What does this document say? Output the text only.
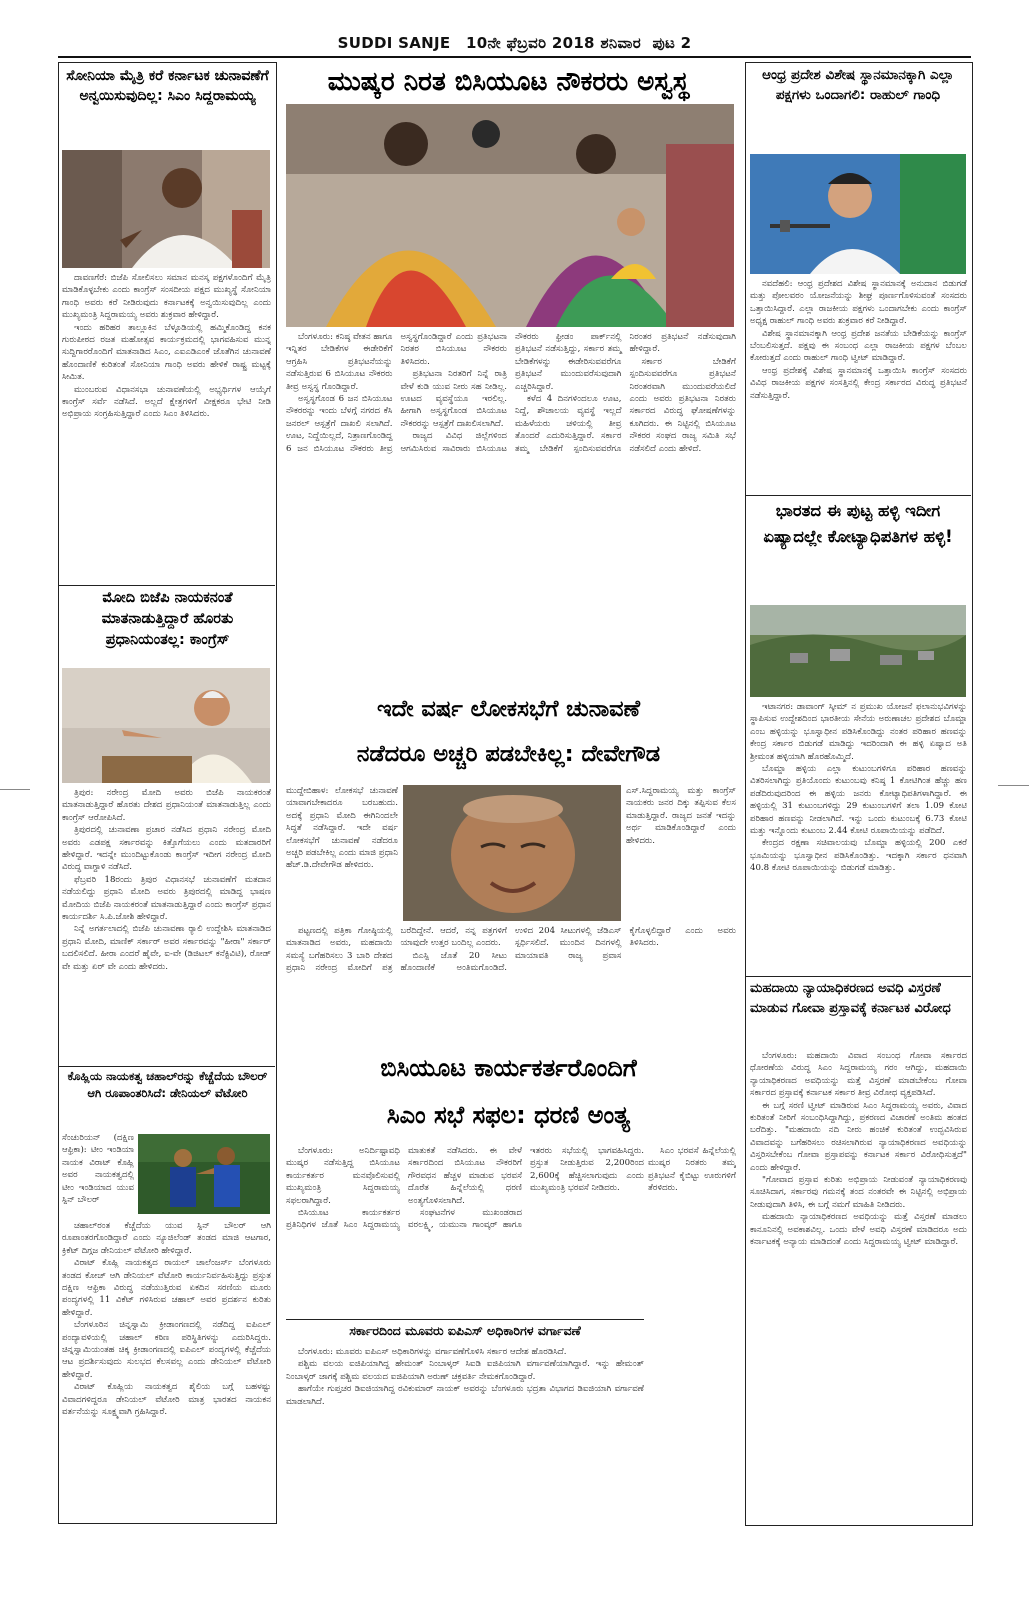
SUDDI SANJE 10ನೇ ಫೆಬ್ರವರಿ 2018 ಶನಿವಾರ ಪುಟ 2
ಸೋನಿಯಾ ಮೈತ್ರಿ ಕರೆ ಕರ್ನಾಟಕ ಚುನಾವಣೆಗೆ ಅನ್ವಯಿಸುವುದಿಲ್ಲ: ಸಿಎಂ ಸಿದ್ದರಾಮಯ್ಯ

ದಾವಣಗೆರೆ: ಬಿಜೆಪಿ ಸೋಲಿಸಲು ಸಮಾನ ಮನಸ್ಕ ಪಕ್ಷಗಳೊಂದಿಗೆ ಮೈತ್ರಿ ಮಾಡಿಕೊಳ್ಳಬೇಕು ಎಂದು ಕಾಂಗ್ರೆಸ್ ಸಂಸದೀಯ ಪಕ್ಷದ ಮುಖ್ಯಸ್ಥೆ ಸೋನಿಯಾ ಗಾಂಧಿ ಅವರು ಕರೆ ನೀಡಿರುವುದು ಕರ್ನಾಟಕಕ್ಕೆ ಅನ್ವಯಿಸುವುದಿಲ್ಲ ಎಂದು ಮುಖ್ಯಮಂತ್ರಿ ಸಿದ್ದರಾಮಯ್ಯ ಅವರು ಶುಕ್ರವಾರ ಹೇಳಿದ್ದಾರೆ.

ಇಂದು ಹರಿಹರ ತಾಲ್ಲೂಕಿನ ಬೆಳ್ಳೂಡಿಯಲ್ಲಿ ಹಮ್ಮಿಕೊಂಡಿದ್ದ ಕನಕ ಗುರುಪೀಠದ ರಜತ ಮಹೋತ್ಸವ ಕಾರ್ಯಕ್ರಮದಲ್ಲಿ ಭಾಗವಹಿಸುವ ಮುನ್ನ ಸುದ್ದಿಗಾರರೊಂದಿಗೆ ಮಾತನಾಡಿದ ಸಿಎಂ, ಎಐಎಡಿಎಂಕೆ ಜೊತೆಗಿನ ಚುನಾವಣೆ ಹೊಂದಾಣಿಕೆ ಕುರಿತಂತೆ ಸೋನಿಯಾ ಗಾಂಧಿ ಅವರು ಹೇಳಿಕೆ ರಾಷ್ಟ್ರ ಮಟ್ಟಕ್ಕೆ ಸೀಮಿತ.

ಮುಂಬರುವ ವಿಧಾನಸಭಾ ಚುನಾವಣೆಯಲ್ಲಿ ಅಭ್ಯರ್ಥಿಗಳ ಆಯ್ಕೆಗೆ ಕಾಂಗ್ರೆಸ್ ಸರ್ವೆ ನಡೆಸಿದೆ. ಅಲ್ಲದೆ ಕ್ಷೇತ್ರಗಳಿಗೆ ವೀಕ್ಷಕರೂ ಭೇಟಿ ನೀಡಿ ಅಭಿಪ್ರಾಯ ಸಂಗ್ರಹಿಸುತ್ತಿದ್ದಾರೆ ಎಂದು ಸಿಎಂ ತಿಳಿಸಿದರು.

ಮೋದಿ ಬಿಜೆಪಿ ನಾಯಕನಂತೆ ಮಾತನಾಡುತ್ತಿದ್ದಾರೆ ಹೊರತು ಪ್ರಧಾನಿಯಂತಲ್ಲ: ಕಾಂಗ್ರೆಸ್

ತ್ರಿಪುರ: ನರೇಂದ್ರ ಮೋದಿ ಅವರು ಬಿಜೆಪಿ ನಾಯಕರಂತೆ ಮಾತನಾಡುತ್ತಿದ್ದಾರೆ ಹೊರತು ದೇಶದ ಪ್ರಧಾನಿಯಂತೆ ಮಾತನಾಡುತ್ತಿಲ್ಲ ಎಂದು ಕಾಂಗ್ರೆಸ್ ಆರೋಪಿಸಿದೆ.

ತ್ರಿಪುರದಲ್ಲಿ ಚುನಾವಣಾ ಪ್ರಚಾರ ನಡೆಸಿದ ಪ್ರಧಾನಿ ನರೇಂದ್ರ ಮೋದಿ ಅವರು ಎಡಪಕ್ಷ ಸರ್ಕಾರವನ್ನು ಕಿತ್ತೊಗೆಯಲು ಎಂದು ಮತದಾರರಿಗೆ ಹೇಳಿದ್ದಾರೆ. ಇದನ್ನೇ ಮುಂದಿಟ್ಟುಕೊಂಡು ಕಾಂಗ್ರೆಸ್ ಇದೀಗ ನರೇಂದ್ರ ಮೋದಿ ವಿರುದ್ಧ ವಾಗ್ದಾಳಿ ನಡೆಸಿದೆ.

ಫೆಬ್ರವರಿ 18ರಂದು ತ್ರಿಪುರ ವಿಧಾನಸಭೆ ಚುನಾವಣೆಗೆ ಮತದಾನ ನಡೆಯಲಿದ್ದು ಪ್ರಧಾನಿ ಮೋದಿ ಅವರು ತ್ರಿಪುರದಲ್ಲಿ ಮಾಡಿದ್ದ ಭಾಷಣ ಮೋದಿಯ ಬಿಜೆಪಿ ನಾಯಕರಂತೆ ಮಾತನಾಡುತ್ತಿದ್ದಾರೆ ಎಂದು ಕಾಂಗ್ರೆಸ್ ಪ್ರಧಾನ ಕಾರ್ಯದರ್ಶಿ ಸಿ.ಪಿ.ಜೋಶಿ ಹೇಳಿದ್ದಾರೆ.

ನಿನ್ನೆ ಅಗರ್ತಲಾದಲ್ಲಿ ಬಿಜೆಪಿ ಚುನಾವಣಾ ರ್‍ಯಾಲಿ ಉದ್ದೇಶಿಸಿ ಮಾತನಾಡಿದ ಪ್ರಧಾನಿ ಮೋದಿ, ಮಾಣಿಕ್ ಸರ್ಕಾರ್ ಅವರ ಸರ್ಕಾರವನ್ನು "ಹೀರಾ" ಸರ್ಕಾರ್ ಬದಲಿಸಲಿದೆ. ಹೀರಾ ಎಂದರೆ ಹೈವೇ, ಐ-ವೇ (ಡಿಜಿಟಲ್ ಕನೆಕ್ಟಿವಿಟಿ), ರೋಡ್ ವೇ ಮತ್ತು ಏರ್ ವೇ ಎಂದು ಹೇಳಿದರು.

ಕೊಹ್ಲಿಯ ನಾಯಕತ್ವ ಚಹಾಲ್‌ರನ್ನು ಕೆಚ್ಚೆದೆಯ ಬೌಲರ್ ಆಗಿ ರೂಪಾಂತರಿಸಿದೆ: ಡೇನಿಯಲ್ ವೆಟೋರಿ

ಸೆಂಚುರಿಯನ್ (ದಕ್ಷಿಣ ಆಫ್ರಿಕಾ): ಟೀಂ ಇಂಡಿಯಾ ನಾಯಕ ವಿರಾಟ್ ಕೊಹ್ಲಿ ಅವರ ನಾಯಕತ್ವದಲ್ಲಿ ಟೀಂ ಇಂಡಿಯಾದ ಯುವ ಸ್ಪಿನ್ ಬೌಲರ್

ಚಹಾಲ್‌ರಂತ ಕೆಚ್ಚೆದೆಯ ಯುವ ಸ್ಪಿನ್ ಬೌಲರ್ ಆಗಿ ರೂಪಾಂತರಗೊಂಡಿದ್ದಾರೆ ಎಂದು ನ್ಯೂಜಿಲೆಂಡ್ ತಂಡದ ಮಾಜಿ ಆಟಗಾರ, ಕ್ರಿಕೆಟ್ ದಿಗ್ಗಜ ಡೇನಿಯಲ್ ವೆಟೋರಿ ಹೇಳಿದ್ದಾರೆ.

ವಿರಾಟ್ ಕೊಹ್ಲಿ ನಾಯಕತ್ವದ ರಾಯಲ್ ಚಾಲೆಂಜರ್ಸ್ ಬೆಂಗಳೂರು ತಂಡದ ಕೋಚ್ ಆಗಿ ಡೇನಿಯಲ್ ವೆಟೋರಿ ಕಾರ್ಯನಿರ್ವಹಿಸುತ್ತಿದ್ದು ಪ್ರಸ್ತುತ ದಕ್ಷಿಣ ಆಫ್ರಿಕಾ ವಿರುದ್ಧ ನಡೆಯುತ್ತಿರುವ ಏಕದಿನ ಸರಣಿಯ ಮೂರು ಪಂದ್ಯಗಳಲ್ಲಿ 11 ವಿಕೆಟ್ ಗಳಿಸಿರುವ ಚಹಾಲ್ ಅವರ ಪ್ರದರ್ಶನ ಕುರಿತು ಹೇಳಿದ್ದಾರೆ.

ಬೆಂಗಳೂರಿನ ಚಿನ್ನಸ್ವಾಮಿ ಕ್ರೀಡಾಂಗಣದಲ್ಲಿ ನಡೆದಿದ್ದ ಐಪಿಎಲ್ ಪಂದ್ಯಾವಳಿಯಲ್ಲಿ ಚಹಾಲ್ ಕಠಿಣ ಪರಿಸ್ಥಿತಿಗಳನ್ನು ಎದುರಿಸಿದ್ದರು. ಚಿನ್ನಸ್ವಾಮಿಯಂತಹ ಚಿಕ್ಕ ಕ್ರೀಡಾಂಗಣದಲ್ಲಿ ಐಪಿಎಲ್ ಪಂದ್ಯಗಳಲ್ಲಿ ಕೆಚ್ಚೆದೆಯ ಆಟ ಪ್ರದರ್ಶಿಸುವುದು ಸುಲಭದ ಕೆಲಸವಲ್ಲ ಎಂದು ಡೇನಿಯಲ್ ವೆಟೋರಿ ಹೇಳಿದ್ದಾರೆ.

ವಿರಾಟ್ ಕೊಹ್ಲಿಯ ನಾಯಕತ್ವದ ಶೈಲಿಯ ಬಗ್ಗೆ ಬಹಳಷ್ಟು ವಿವಾದಗಳಿದ್ದರೂ ಡೇನಿಯಲ್ ವೆಟೋರಿ ಮಾತ್ರ ಭಾರತದ ನಾಯಕನ ವರ್ತನೆಯನ್ನು ಸೂಕ್ಷ್ಮವಾಗಿ ಗ್ರಹಿಸಿದ್ದಾರೆ.

ಮುಷ್ಕರ ನಿರತ ಬಿಸಿಯೂಟ ನೌಕರರು ಅಸ್ವಸ್ಥ

ಬೆಂಗಳೂರು: ಕನಿಷ್ಠ ವೇತನ ಹಾಗೂ ಇನ್ನಿತರ ಬೇಡಿಕೆಗಳ ಈಡೇರಿಕೆಗೆ ಆಗ್ರಹಿಸಿ ಪ್ರತಿಭಟನೆಯನ್ನು ನಡೆಸುತ್ತಿರುವ 6 ಬಿಸಿಯೂಟ ನೌಕರರು ತೀವ್ರ ಅಸ್ವಸ್ಥ ಗೊಂಡಿದ್ದಾರೆ.

ಅಸ್ವಸ್ಥಗೊಂಡ 6 ಜನ ಬಿಸಿಯೂಟ ನೌಕರರನ್ನು ಇಂದು ಬೆಳಗ್ಗೆ ನಗರದ ಕೆಸಿ ಜನರಲ್ ಆಸ್ಪತ್ರೆಗೆ ದಾಖಲಿ ಸಲಾಗಿದೆ. ಊಟ, ನಿದ್ದೆಯಿಲ್ಲದೆ, ನಿತ್ರಾಣಗೊಂಡಿದ್ದ 6 ಜನ ಬಿಸಿಯೂಟ ನೌಕರರು ತೀವ್ರ ಅಸ್ವಸ್ಥಗೊಂಡಿದ್ದಾರೆ ಎಂದು ಪ್ರತಿಭಟನಾ ನಿರತರ ಬಿಸಿಯೂಟ ನೌಕರರು ತಿಳಿಸಿದರು.

ಪ್ರತಿಭಟನಾ ನಿರತರಿಗೆ ನಿನ್ನೆ ರಾತ್ರಿ ವೇಳೆ ಕುಡಿ ಯುವ ನೀರು ಸಹ ನೀಡಿಲ್ಲ. ಊಟದ ವ್ಯವಸ್ಥೆಯೂ ಇರಲಿಲ್ಲ. ಹೀಗಾಗಿ ಅಸ್ವಸ್ಥಗೊಂಡ ಬಿಸಿಯೂಟ ನೌಕರರನ್ನು ಆಸ್ಪತ್ರೆಗೆ ದಾಖಲಿಸಲಾಗಿದೆ.

ರಾಜ್ಯದ ವಿವಿಧ ಜಿಲ್ಲೆಗಳಿಂದ ಆಗಮಿಸಿರುವ ಸಾವಿರಾರು ಬಿಸಿಯೂಟ ನೌಕರರು ಫ್ರೀಡಂ ಪಾರ್ಕ್‌ನಲ್ಲಿ ಪ್ರತಿಭಟನೆ ನಡೆಸುತ್ತಿದ್ದು, ಸರ್ಕಾರ ತಮ್ಮ ಬೇಡಿಕೆಗಳನ್ನು ಈಡೇರಿಸುವವರೆಗೂ ಪ್ರತಿಭಟನೆ ಮುಂದುವರೆಸುವುದಾಗಿ ಎಚ್ಚರಿಸಿದ್ದಾರೆ.

ಕಳೆದ 4 ದಿನಗಳಿಂದಲೂ ಊಟ, ನಿದ್ದೆ, ಶೌಚಾಲಯ ವ್ಯವಸ್ಥೆ ಇಲ್ಲದೆ ಮಹಿಳೆಯರು ಚಳಿಯಲ್ಲಿ ತೀವ್ರ ತೊಂದರೆ ಎದುರಿಸುತ್ತಿದ್ದಾರೆ. ಸರ್ಕಾರ ತಮ್ಮ ಬೇಡಿಕೆಗೆ ಸ್ಪಂದಿಸುವವರೆಗೂ ನಿರಂತರ ಪ್ರತಿಭಟನೆ ನಡೆಸುವುದಾಗಿ ಹೇಳಿದ್ದಾರೆ.

ಸರ್ಕಾರ ಬೇಡಿಕೆಗೆ ಸ್ಪಂದಿಸುವವರೆಗೂ ಪ್ರತಿಭಟನೆ ನಿರಂತರವಾಗಿ ಮುಂದುವರೆಯಲಿದೆ ಎಂದು ಅವರು ಪ್ರತಿಭಟನಾ ನಿರತರು ಸರ್ಕಾರದ ವಿರುದ್ಧ ಘೋಷಣೆಗಳನ್ನು ಕೂಗಿದರು. ಈ ನಿಟ್ಟಿನಲ್ಲಿ ಬಿಸಿಯೂಟ ನೌಕರರ ಸಂಘದ ರಾಜ್ಯ ಸಮಿತಿ ಸಭೆ ನಡೆಸಲಿದೆ ಎಂದು ಹೇಳಿದೆ.

ಇದೇ ವರ್ಷ ಲೋಕಸಭೆಗೆ ಚುನಾವಣೆ
ನಡೆದರೂ ಅಚ್ಚರಿ ಪಡಬೇಕಿಲ್ಲ: ದೇವೇಗೌಡ

ಮುದ್ದೇಬಿಹಾಳ: ಲೋಕಸಭೆ ಚುನಾವಣೆ ಯಾವಾಗಬೇಕಾದರೂ ಬರಬಹುದು. ಅದಕ್ಕೆ ಪ್ರಧಾನಿ ಮೋದಿ ಈಗಿನಿಂದಲೇ ಸಿದ್ಧತೆ ನಡೆಸಿದ್ದಾರೆ. ಇದೇ ವರ್ಷ ಲೋಕಸಭೆಗೆ ಚುನಾವಣೆ ನಡೆದರೂ ಅಚ್ಚರಿ ಪಡಬೇಕಿಲ್ಲ ಎಂದು ಮಾಜಿ ಪ್ರಧಾನಿ ಹೆಚ್.ಡಿ.ದೇವೇಗೌಡ ಹೇಳಿದರು.

ಎಸ್.ಸಿದ್ದರಾಮಯ್ಯ ಮತ್ತು ಕಾಂಗ್ರೆಸ್ ನಾಯಕರು ಜನರ ದಿಕ್ಕು ತಪ್ಪಿಸುವ ಕೆಲಸ ಮಾಡುತ್ತಿದ್ದಾರೆ. ರಾಜ್ಯದ ಜನತೆ ಇದನ್ನು ಅರ್ಥ ಮಾಡಿಕೊಂಡಿದ್ದಾರೆ ಎಂದು ಹೇಳಿದರು.

ಪಟ್ಟಣದಲ್ಲಿ ಪತ್ರಿಕಾ ಗೋಷ್ಠಿಯಲ್ಲಿ ಮಾತನಾಡಿದ ಅವರು, ಮಹದಾಯಿ ಸಮಸ್ಯೆ ಬಗೆಹರಿಸಲು 3 ಬಾರಿ ದೇಶದ ಪ್ರಧಾನಿ ನರೇಂದ್ರ ಮೋದಿಗೆ ಪತ್ರ ಬರೆದಿದ್ದೇನೆ. ಆದರೆ, ನನ್ನ ಪತ್ರಗಳಿಗೆ ಯಾವುದೇ ಉತ್ತರ ಬಂದಿಲ್ಲ ಎಂದರು.

ಬಿಎಸ್ಪಿ ಜೊತೆ 20 ಸೀಟು ಹೊಂದಾಣಿಕೆ ಅಂತಿಮಗೊಂಡಿದೆ. ಉಳಿದ 204 ಸೀಟುಗಳಲ್ಲಿ ಜೆಡಿಎಸ್ ಸ್ಪರ್ಧಿಸಲಿದೆ. ಮುಂದಿನ ದಿನಗಳಲ್ಲಿ ಮಾಯಾವತಿ ರಾಜ್ಯ ಪ್ರವಾಸ ಕೈಗೊಳ್ಳಲಿದ್ದಾರೆ ಎಂದು ಅವರು ತಿಳಿಸಿದರು.

ಬಿಸಿಯೂಟ ಕಾರ್ಯಕರ್ತರೊಂದಿಗೆ
ಸಿಎಂ ಸಭೆ ಸಫಲ: ಧರಣಿ ಅಂತ್ಯ

ಬೆಂಗಳೂರು: ಅನಿರ್ದಿಷ್ಟಾವಧಿ ಮುಷ್ಕರ ನಡೆಸುತ್ತಿದ್ದ ಬಿಸಿಯೂಟ ಕಾರ್ಯಕರ್ತರ ಮನವೊಲಿಸುವಲ್ಲಿ ಮುಖ್ಯಮಂತ್ರಿ ಸಿದ್ದರಾಮಯ್ಯ ಸಫಲರಾಗಿದ್ದಾರೆ.

ಬಿಸಿಯೂಟ ಕಾರ್ಯಕರ್ತರ ಪ್ರತಿನಿಧಿಗಳ ಜೊತೆ ಸಿಎಂ ಸಿದ್ದರಾಮಯ್ಯ ಮಾತುಕತೆ ನಡೆಸಿದರು. ಈ ವೇಳೆ ಸರ್ಕಾರದಿಂದ ಬಿಸಿಯೂಟ ನೌಕರರಿಗೆ ಗೌರವಧನ ಹೆಚ್ಚಳ ಮಾಡುವ ಭರವಸೆ ದೊರೆತ ಹಿನ್ನೆಲೆಯಲ್ಲಿ ಧರಣಿ ಅಂತ್ಯಗೊಳಿಸಲಾಗಿದೆ.

ಸಂಘಟನೆಗಳ ಮುಖಂಡರಾದ ವರಲಕ್ಷ್ಮಿ, ಯಮುನಾ ಗಾಂವ್ಕರ್ ಹಾಗೂ ಇತರರು ಸಭೆಯಲ್ಲಿ ಭಾಗವಹಿಸಿದ್ದರು. ಪ್ರಸ್ತುತ ನೀಡುತ್ತಿರುವ 2,200ರಿಂದ 2,600ಕ್ಕೆ ಹೆಚ್ಚಿಸಲಾಗುವುದು ಎಂದು ಮುಖ್ಯಮಂತ್ರಿ ಭರವಸೆ ನೀಡಿದರು.

ಸಿಎಂ ಭರವಸೆ ಹಿನ್ನೆಲೆಯಲ್ಲಿ ಮುಷ್ಕರ ನಿರತರು ತಮ್ಮ ಪ್ರತಿಭಟನೆ ಕೈಬಿಟ್ಟು ಊರುಗಳಿಗೆ ತೆರಳಿದರು.

ಸರ್ಕಾರದಿಂದ ಮೂವರು ಐಪಿಎಸ್ ಅಧಿಕಾರಿಗಳ ವರ್ಗಾವಣೆ

ಬೆಂಗಳೂರು: ಮೂವರು ಐಪಿಎಸ್ ಅಧಿಕಾರಿಗಳನ್ನು ವರ್ಗಾವಣೆಗೊಳಿಸಿ ಸರ್ಕಾರ ಆದೇಶ ಹೊರಡಿಸಿದೆ.

ಪಶ್ಚಿಮ ವಲಯ ಐಜಿಪಿಯಾಗಿದ್ದ ಹೇಮಂತ್ ನಿಂಬಾಳ್ಕರ್ ಸಿಐಡಿ ಐಜಿಪಿಯಾಗಿ ವರ್ಗಾವಣೆಯಾಗಿದ್ದಾರೆ. ಇನ್ನು ಹೇಮಂತ್ ನಿಂಬಾಳ್ಕರ್ ಜಾಗಕ್ಕೆ ಪಶ್ಚಿಮ ವಲಯದ ಐಜಿಪಿಯಾಗಿ ಅರುಣ್ ಚಕ್ರವರ್ತಿ ನೇಮಕಗೊಂಡಿದ್ದಾರೆ.

ಹಾಗೆಯೇ ಗುಪ್ತಚರ ಡಿಐಜಿಯಾಗಿದ್ದ ರವಿಕುಮಾರ್ ನಾಯಕ್ ಅವರನ್ನು ಬೆಂಗಳೂರು ಭದ್ರತಾ ವಿಭಾಗದ ಡಿಐಜಿಯಾಗಿ ವರ್ಗಾವಣೆ ಮಾಡಲಾಗಿದೆ.

ಆಂಧ್ರ ಪ್ರದೇಶ ವಿಶೇಷ ಸ್ಥಾನಮಾನಕ್ಕಾಗಿ ಎಲ್ಲಾ ಪಕ್ಷಗಳು ಒಂದಾಗಲಿ: ರಾಹುಲ್ ಗಾಂಧಿ

ನವದೆಹಲಿ: ಆಂಧ್ರ ಪ್ರದೇಶದ ವಿಶೇಷ ಸ್ಥಾನಮಾನಕ್ಕೆ ಅನುದಾನ ಬಿಡುಗಡೆ ಮತ್ತು ಪೋಲವರಂ ಯೋಜನೆಯನ್ನು ಶೀಘ್ರ ಪೂರ್ಣಗೊಳಿಸುವಂತೆ ಸಂಸದರು ಒತ್ತಾಯಿಸಿದ್ದಾರೆ. ಎಲ್ಲಾ ರಾಜಕೀಯ ಪಕ್ಷಗಳು ಒಂದಾಗಬೇಕು ಎಂದು ಕಾಂಗ್ರೆಸ್ ಅಧ್ಯಕ್ಷ ರಾಹುಲ್ ಗಾಂಧಿ ಅವರು ಶುಕ್ರವಾರ ಕರೆ ನೀಡಿದ್ದಾರೆ.

ವಿಶೇಷ ಸ್ಥಾನಮಾನಕ್ಕಾಗಿ ಆಂಧ್ರ ಪ್ರದೇಶ ಜನತೆಯ ಬೇಡಿಕೆಯನ್ನು ಕಾಂಗ್ರೆಸ್ ಬೆಂಬಲಿಸುತ್ತದೆ. ಪಕ್ಷವು ಈ ಸಂಬಂಧ ಎಲ್ಲಾ ರಾಜಕೀಯ ಪಕ್ಷಗಳ ಬೆಂಬಲ ಕೋರುತ್ತದೆ ಎಂದು ರಾಹುಲ್ ಗಾಂಧಿ ಟ್ವೀಟ್ ಮಾಡಿದ್ದಾರೆ.

ಆಂಧ್ರ ಪ್ರದೇಶಕ್ಕೆ ವಿಶೇಷ ಸ್ಥಾನಮಾನಕ್ಕೆ ಒತ್ತಾಯಿಸಿ ಕಾಂಗ್ರೆಸ್ ಸಂಸದರು ವಿವಿಧ ರಾಜಕೀಯ ಪಕ್ಷಗಳ ಸಂಸತ್ತಿನಲ್ಲಿ ಕೇಂದ್ರ ಸರ್ಕಾರದ ವಿರುದ್ಧ ಪ್ರತಿಭಟನೆ ನಡೆಸುತ್ತಿದ್ದಾರೆ.

ಭಾರತದ ಈ ಪುಟ್ಟ ಹಳ್ಳಿ ಇದೀಗ ಏಷ್ಯಾದಲ್ಲೇ ಕೋಟ್ಯಾಧಿಪತಿಗಳ ಹಳ್ಳಿ!

ಇಟಾನಗರ: ಡಾವಾಂಗ್ ಸ್ಕೀಮ್ ನ ಪ್ರಮುಖ ಯೋಜನೆ ಫಲಾನುಭವಿಗಳನ್ನು ಸ್ಥಾಪಿಸುವ ಉದ್ದೇಶದಿಂದ ಭಾರತೀಯ ಸೇನೆಯ ಅರುಣಾಚಲ ಪ್ರದೇಶದ ಬೊಮ್ಜಾ ಎಂಬ ಹಳ್ಳಿಯನ್ನು ಭೂಸ್ವಾಧೀನ ಪಡಿಸಿಕೊಂಡಿದ್ದು ನಂತರ ಪರಿಹಾರ ಹಣವನ್ನು ಕೇಂದ್ರ ಸರ್ಕಾರ ಬಿಡುಗಡೆ ಮಾಡಿದ್ದು ಇದರಿಂದಾಗಿ ಈ ಹಳ್ಳಿ ಏಷ್ಯಾದ ಅತಿ ಶ್ರೀಮಂತ ಹಳ್ಳಿಯಾಗಿ ಹೊರಹೊಮ್ಮಿದೆ.

ಬೊಮ್ಜಾ ಹಳ್ಳಿಯ ಎಲ್ಲಾ ಕುಟುಂಬಗಳಿಗೂ ಪರಿಹಾರ ಹಣವನ್ನು ವಿತರಿಸಲಾಗಿದ್ದು ಪ್ರತಿಯೊಂದು ಕುಟುಂಬವು ಕನಿಷ್ಠ 1 ಕೋಟಿಗಿಂತ ಹೆಚ್ಚು ಹಣ ಪಡೆದಿರುವುದರಿಂದ ಈ ಹಳ್ಳಿಯ ಜನರು ಕೋಟ್ಯಾಧಿಪತಿಗಳಾಗಿದ್ದಾರೆ. ಈ ಹಳ್ಳಿಯಲ್ಲಿ 31 ಕುಟುಂಬಗಳಿದ್ದು 29 ಕುಟುಂಬಗಳಿಗೆ ತಲಾ 1.09 ಕೋಟಿ ಪರಿಹಾರ ಹಣವನ್ನು ನೀಡಲಾಗಿದೆ. ಇನ್ನು ಒಂದು ಕುಟುಂಬಕ್ಕೆ 6.73 ಕೋಟಿ ಮತ್ತು ಇನ್ನೊಂದು ಕುಟುಂಬ 2.44 ಕೋಟಿ ರೂಪಾಯಿಯನ್ನು ಪಡೆದಿದೆ.

ಕೇಂದ್ರದ ರಕ್ಷಣಾ ಸಚಿವಾಲಯವು ಬೊಮ್ಜಾ ಹಳ್ಳಿಯಲ್ಲಿ 200 ಎಕರೆ ಭೂಮಿಯನ್ನು ಭೂಸ್ವಾಧೀನ ಪಡಿಸಿಕೊಂಡಿತ್ತು. ಇದಕ್ಕಾಗಿ ಸರ್ಕಾರ ಧನವಾಗಿ 40.8 ಕೋಟಿ ರೂಪಾಯಿಯನ್ನು ಬಿಡುಗಡೆ ಮಾಡಿತ್ತು.

ಮಹದಾಯಿ ನ್ಯಾಯಾಧಿಕರಣದ ಅವಧಿ ವಿಸ್ತರಣೆ ಮಾಡುವ ಗೋವಾ ಪ್ರಸ್ತಾವಕ್ಕೆ ಕರ್ನಾಟಕ ವಿರೋಧ

ಬೆಂಗಳೂರು: ಮಹದಾಯಿ ವಿವಾದ ಸಂಬಂಧ ಗೋವಾ ಸರ್ಕಾರದ ಧೋರಣೆಯ ವಿರುದ್ಧ ಸಿಎಂ ಸಿದ್ದರಾಮಯ್ಯ ಗರಂ ಆಗಿದ್ದು, ಮಹದಾಯಿ ನ್ಯಾಯಾಧಿಕರಣದ ಅವಧಿಯನ್ನು ಮತ್ತೆ ವಿಸ್ತರಣೆ ಮಾಡಬೇಕೆಂಬ ಗೋವಾ ಸರ್ಕಾರದ ಪ್ರಸ್ತಾವಕ್ಕೆ ಕರ್ನಾಟಕ ಸರ್ಕಾರ ತೀವ್ರ ವಿರೋಧ ವ್ಯಕ್ತಪಡಿಸಿದೆ.

ಈ ಬಗ್ಗೆ ಸರಣಿ ಟ್ವೀಟ್ ಮಾಡಿರುವ ಸಿಎಂ ಸಿದ್ದರಾಮಯ್ಯ ಅವರು, ವಿವಾದ ಕುರಿತಂತೆ ನೀರಿಗೆ ಸಂಬಂಧಿಸಿದ್ದಾಗಿದ್ದು, ಪ್ರಕರಣದ ವಿಚಾರಣೆ ಅಂತಿಮ ಹಂತದ ಬರೆದಿತ್ತು. "ಮಹದಾಯಿ ನದಿ ನೀರು ಹಂಚಿಕೆ ಕುರಿತಂತೆ ಉದ್ಭವಿಸಿರುವ ವಿವಾದವನ್ನು ಬಗೆಹರಿಸಲು ರಚಿಸಲಾಗಿರುವ ನ್ಯಾಯಾಧಿಕರಣದ ಅವಧಿಯನ್ನು ವಿಸ್ತರಿಸಬೇಕೆಂಬ ಗೋವಾ ಪ್ರಸ್ತಾಪವನ್ನು ಕರ್ನಾಟಕ ಸರ್ಕಾರ ವಿರೋಧಿಸುತ್ತದೆ" ಎಂದು ಹೇಳಿದ್ದಾರೆ.

"ಗೋವಾದ ಪ್ರಸ್ತಾವ ಕುರಿತು ಅಭಿಪ್ರಾಯ ನೀಡುವಂತೆ ನ್ಯಾಯಾಧಿಕರಣವು ಸೂಚಿಸಿದಾಗ, ಸರ್ಕಾರವು ಗಮನಕ್ಕೆ ತಂದ ನಂತರವೇ ಈ ನಿಟ್ಟಿನಲ್ಲಿ ಅಭಿಪ್ರಾಯ ನೀಡುವುದಾಗಿ ತಿಳಿಸಿ, ಈ ಬಗ್ಗೆ ನಮಗೆ ಮಾಹಿತಿ ನೀಡಿದರು.

ಮಹದಾಯಿ ನ್ಯಾಯಾಧಿಕರಣದ ಅವಧಿಯನ್ನು ಮತ್ತೆ ವಿಸ್ತರಣೆ ಮಾಡಲು ಕಾನೂನಿನಲ್ಲಿ ಅವಕಾಶವಿಲ್ಲ. ಒಂದು ವೇಳೆ ಅವಧಿ ವಿಸ್ತರಣೆ ಮಾಡಿದರೂ ಅದು ಕರ್ನಾಟಕಕ್ಕೆ ಅನ್ಯಾಯ ಮಾಡಿದಂತೆ ಎಂದು ಸಿದ್ದರಾಮಯ್ಯ ಟ್ವೀಟ್ ಮಾಡಿದ್ದಾರೆ.
